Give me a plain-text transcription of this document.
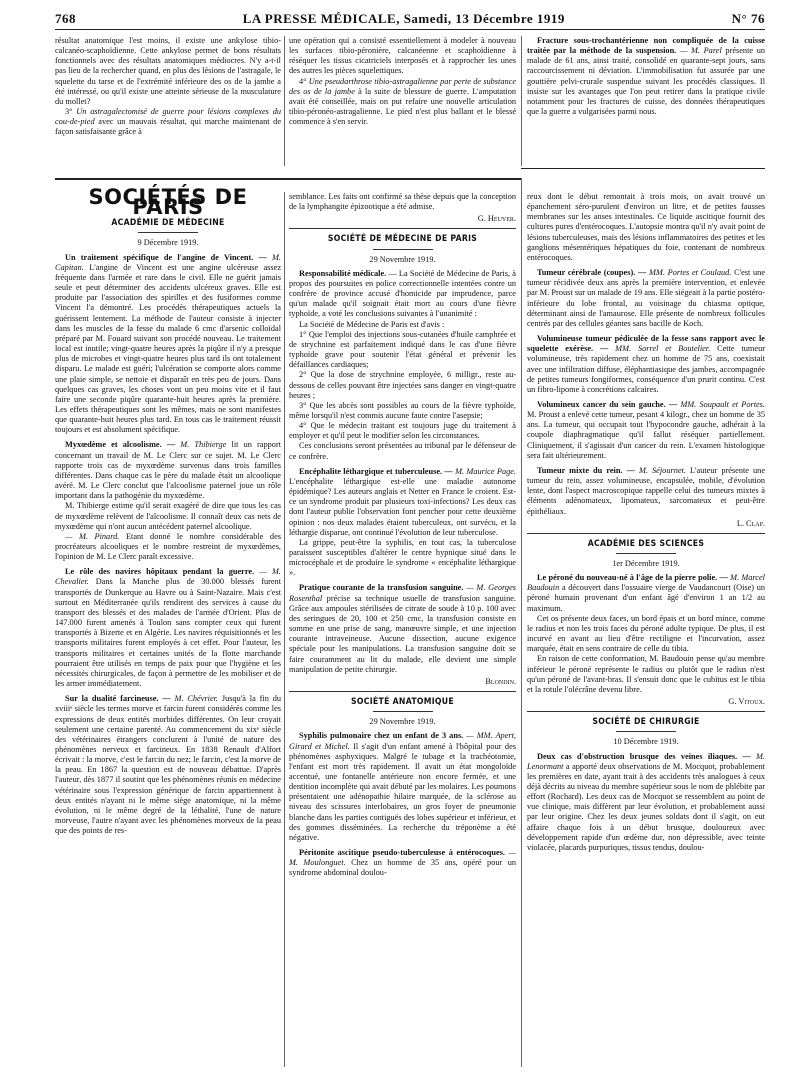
768	LA PRESSE MÉDICALE, Samedi, 13 Décembre 1919	N° 76

résultat anatomique l'est moins, il existe une ankylose tibio-calcanéo-scaphoïdienne. Cette ankylose permet de bons résultats fonctionnels avec des résultats anatomiques médiocres. N'y a-t-il pas lieu de la rechercher quand, en plus des lésions de l'astragale, le squelette du tarse et de l'extrémité inférieure des os de la jambe a été intéressé, ou qu'il existe une atteinte sérieuse de la musculature du mollet?

3° Un astragalectomisé de guerre pour lésions complexes du cou-de-pied avec un mauvais résultat, qui marche maintenant de façon satisfaisante grâce à

une opération qui a consisté essentiellement à modeler à nouveau les surfaces tibio-péronière, calcanéenne et scaphoïdienne à réséquer les tissus cicatriciels interposés et à rapprocher les unes des autres les pièces squelettiques.

4° Une pseudarthrose tibio-astragalienne par perte de substance des os de la jambe à la suite de blessure de guerre. L'amputation avait été conseillée, mais on put refaire une nouvelle articulation tibio-péronéo-astragalienne. Le pied n'est plus ballant et le blessé commence à s'en servir.

Fracture sous-trochantérienne non compliquée de la cuisse traitée par la méthode de la suspension. — M. Parel présente un malade de 61 ans, ainsi traité, consolidé en quarante-sept jours, sans raccourcissement ni déviation. L'immobilisation fut assurée par une gouttière pelvi-crurale suspendue suivant les procédés classiques. Il insiste sur les avantages que l'on peut retirer dans la pratique civile notamment pour les fractures de cuisse, des données thérapeutiques que la guerre a vulgarisées parmi nous.

SOCIÉTÉS DE PARIS
ACADÉMIE DE MÉDECINE
9 Décembre 1919.

Un traitement spécifique de l'angine de Vincent. — M. Capitan. L'angine de Vincent est une angine ulcéreuse assez fréquente dans l'armée et rare dans le civil. Elle ne guérit jamais seule et peut déterminer des accidents ulcéreux graves. Elle est produite par l'association des spirilles et des fusiformes comme Vincent l'a démontré. Les procédés thérapeutiques actuels la guérissent lentement. La méthode de l'auteur consiste à injecter dans les muscles de la fesse du malade 6 cmc d'arsenic colloïdal préparé par M. Fouard suivant son procédé nouveau. Le traitement local est inutile; vingt-quatre heures après la piqûre il n'y a presque plus de microbes et vingt-quatre heures plus tard ils ont totalement disparu. Le malade est guéri; l'ulcération se comporte alors comme une plaie simple, se nettoie et disparaît en très peu de jours. Dans quelques cas graves, les choses vont un peu moins vite et il faut faire une seconde piqûre quarante-huit heures après la première. Les effets thérapeutiques sont les mêmes, mais ne sont manifestes que quarante-huit heures plus tard. En tous cas le traitement réussit toujours et est absolument spécifique.

Myxœdème et alcoolisme. — M. Thibierge lit un rapport concernant un travail de M. Le Clerc sur ce sujet. M. Le Clerc rapporte trois cas de myxœdème survenus dans trois familles différentes. Dans chaque cas le père du malade était un alcoolique avéré. M. Le Clerc conclut que l'alcoolisme paternel joue un rôle important dans la pathogénie du myxœdème.

M. Thibierge estime qu'il serait exagéré de dire que tous les cas de myxœdème relèvent de l'alcoolisme. Il connaît deux cas nets de myxœdème qui n'ont aucun antécédent paternel alcoolique.

— M. Pinard. Etant donné le nombre considérable des procréateurs alcooliques et le nombre restreint de myxœdèmes, l'opinion de M. Le Clerc paraît excessive.

Le rôle des navires hôpitaux pendant la guerre. — M. Chevalier. Dans la Manche plus de 30.000 blessés furent transportés de Dunkerque au Havre ou à Saint-Nazaire. Mais c'est surtout en Méditerranée qu'ils rendirent des services à cause du transport des blessés et des malades de l'armée d'Orient. Plus de 147.000 furent amenés à Toulon sans compter ceux qui furent transportés à Bizerte et en Algérie. Les navires réquisitionnés et les transports militaires furent employés à cet effet. Pour l'auteur, les transports militaires et certaines unités de la flotte marchande pourraient être utilisés en temps de paix pour que l'hygiène et les nécessités chirurgicales, de façon à permettre de les mobiliser et de les armer immédiatement.

Sur la dualité farcineuse. — M. Chévrier. Jusqu'à la fin du xviiiᵉ siècle les termes morve et farcin furent considérés comme les expressions de deux entités morbides différentes. On leur croyait seulement une certaine parenté. Au commencement du xixᵉ siècle des vétérinaires étrangers conclurent à l'unité de nature des phénomènes nerveux et farcineux. En 1838 Renault d'Alfort écrivait : la morve, c'est le farcin du nez; le farcin, c'est la morve de la peau. En 1867 la question est de nouveau débattue. D'après l'auteur, dès 1877 il soutint que les phénomènes réunis en médecine vétérinaire sous l'expression générique de farcin appartiennent à deux entités n'ayant ni le même siège anatomique, ni la même évolution, ni le même degré de la léthalité, l'une de nature morveuse, l'autre n'ayant avec les phénomènes morveux de la peau que des points de res-

semblance. Les faits ont confirmé sa thèse depuis que la conception de la lymphangite épizootique a été admise.

G. Heuyer.
SOCIÉTÉ DE MÉDECINE DE PARIS
29 Novembre 1919.

Responsabilité médicale. — La Société de Médecine de Paris, à propos des poursuites en police correctionnelle intentées contre un confrère de province accusé d'homicide par imprudence, parce qu'un malade qu'il soignait était mort au cours d'une fièvre typhoïde, a voté les conclusions suivantes à l'unanimité :

La Société de Médecine de Paris est d'avis :

1° Que l'emploi des injections sous-cutanées d'huile camphrée et de strychnine est parfaitement indiqué dans le cas d'une fièvre typhoïde grave pour soutenir l'état général et prévenir les défaillances cardiaques;

2° Que la dose de strychnine employée, 6 milligr., reste au-dessous de celles pouvant être injectées sans danger en vingt-quatre heures ;

3° Que les abcès sont possibles au cours de la fièvre typhoïde, même lorsqu'il n'est commis aucune faute contre l'asepsie;

4° Que le médecin traitant est toujours juge du traitement à employer et qu'il peut le modifier selon les circonstances.

Ces conclusions seront présentées au tribunal par le défenseur de ce confrère.

Encéphalite léthargique et tuberculeuse. — M. Maurice Page. L'encéphalite léthargique est-elle une maladie autonome épidémique? Les auteurs anglais et Netter en France le croient. Est-ce un syndrome produit par plusieurs toxi-infections? Les deux cas dont l'auteur publie l'observation font pencher pour cette deuxième opinion : nos deux malades étaient tuberculeux, ont survécu, et la léthargie disparue, ont continué l'évolution de leur tuberculose.

La grippe, peut-être la syphilis, en tout cas, la tuberculose paraissent susceptibles d'altérer le centre hypnique situé dans le microcéphale et de produire le syndrome « encéphalite léthargique ».

Pratique courante de la transfusion sanguine. — M. Georges Rosenthal précise sa technique usuelle de transfusion sanguine. Grâce aux ampoules stérilisées de citrate de soude à 10 p. 100 avec des seringues de 20, 100 et 250 cmc, la transfusion consiste en somme en une prise de sang, manœuvre simple, et une injection courante intraveineuse. Aucune dissection, aucune exigence spéciale pour les manipulations. La transfusion sanguine doit se faire couramment au lit du malade, elle devient une simple manipulation de petite chirurgie.

Blondin.
SOCIÉTÉ ANATOMIQUE
29 Novembre 1919.

Syphilis pulmonaire chez un enfant de 3 ans. — MM. Apert, Girard et Michel. Il s'agit d'un enfant amené à l'hôpital pour des phénomènes asphyxiques. Malgré le tubage et la trachéotomie, l'enfant est mort très rapidement. Il avait un état mongoloïde accentué, une fontanelle antérieure non encore fermée, et une dentition incomplète qui avait débuté par les molaires. Les poumons présentaient une adénopathie hilaire marquée, de la sclérose au niveau des scissures interlobaires, un gros foyer de pneumonie blanche dans les parties contiguës des lobes supérieur et inférieur, et des gommes disséminées. La recherche du tréponème a été négative.

Péritonite ascitique pseudo-tuberculeuse à entérocoques. — M. Moulonguet. Chez un homme de 35 ans, opéré pour un syndrome abdominal doulou-

reux dont le début remontait à trois mois, on avait trouvé un épanchement séro-purulent d'environ un litre, et de petites fausses membranes sur les anses intestinales. Ce liquide ascitique fournit des cultures pures d'entérocoques. L'autopsie montra qu'il n'y avait point de lésions tuberculeuses, mais des lésions inflammatoires des petites et les ganglions mésentériques hépatiques du foie, contenant de nombreux entérocoques.

Tumeur cérébrale (coupes). — MM. Portes et Coulaud. C'est une tumeur récidivée deux ans après la première intervention, et enlevée par M. Proust sur un malade de 19 ans. Elle siégeait à la partie postéro-inférieure du lobe frontal, au voisinage du chiasma optique, déterminant ainsi de l'amaurose. Elle présente de nombreux follicules centrés par des cellules géantes sans bacille de Koch.

Volumineuse tumeur pédiculée de la fesse sans rapport avec le squelette exérèse. — MM. Sorrel et Boutelier. Cette tumeur volumineuse, très rapidement chez un homme de 75 ans, coexistait avec une infiltration diffuse, éléphantiasique des jambes, accompagnée de petites tumeurs fongiformes, conséquence d'un prurit continu. C'est un fibro-lipome à concrétions calcaires.

Volumineux cancer du sein gauche. — MM. Soupault et Portes. M. Proust a enlevé cette tumeur, pesant 4 kilogr., chez un homme de 35 ans. La tumeur, qui occupait tout l'hypocondre gauche, adhérait à la coupole diaphragmatique qu'il fallut réséquer partiellement. Cliniquement, il s'agissait d'un cancer du rein. L'examen histologique sera fait ultérieurement.

Tumeur mixte du rein. — M. Séjournet. L'auteur présente une tumeur du rein, assez volumineuse, encapsulée, mobile, d'évolution lente, dont l'aspect macroscopique rappelle celui des tumeurs mixtes à éléments adénomateux, lipomateux, sarcomateux et peut-être épithéliaux.

L. Clap.
ACADÉMIE DES SCIENCES
1er Décembre 1919.

Le péroné du nouveau-né à l'âge de la pierre polie. — M. Marcel Baudouin a découvert dans l'ossuaire vierge de Vaudancourt (Oise) un péroné humain provenant d'un enfant âgé d'environ 1 an 1/2 au maximum.

Cet os présente deux faces, un bord épais et un bord mince, comme le radius et non les trois faces du péroné adulte typique. De plus, il est incurvé en avant au lieu d'être rectiligne et l'incurvation, assez marquée, était en sens contraire de celle du tibia.

En raison de cette conformation, M. Baudouin pense qu'au membre inférieur le péroné représente le radius ou plutôt que le radius n'est qu'un péroné de l'avant-bras. Il s'ensuit donc que le cubitus est le tibia et la rotule l'olécrâne devenu libre.

G. Vitoux.
SOCIÉTÉ DE CHIRURGIE
10 Décembre 1919.

Deux cas d'obstruction brusque des veines iliaques. — M. Lenormant a apporté deux observations de M. Mocquot, probablement les premières en date, ayant trait à des accidents très analogues à ceux déjà décrits au niveau du membre supérieur sous le nom de phlébite par effort (Rochard). Les deux cas de Mocquot se ressemblent au point de vue clinique, mais diffèrent par leur évolution, et probablement aussi par leur origine. Chez les deux jeunes soldats dont il s'agit, on eut affaire chaque fois à un début brusque, douloureux avec développement rapide d'un œdème dur, non dépressible, avec teinte violacée, placards purpuriques, tissus tendus, doulou-
